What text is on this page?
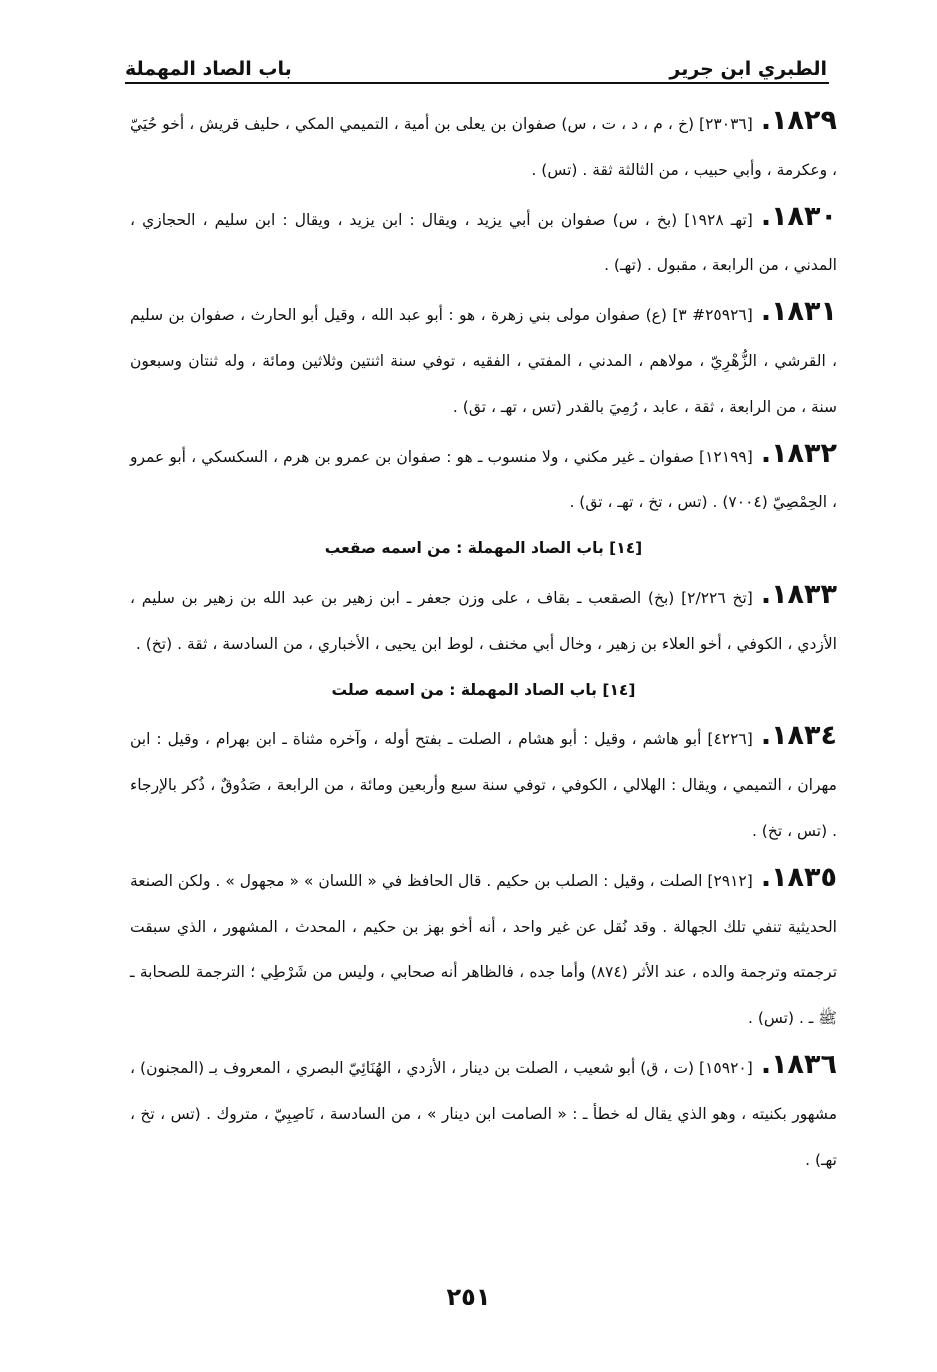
الطبري ابن جرير
باب الصاد المهملة

١٨٢٩.[٢٣٠٣٦] (خ ، م ، د ، ت ، س) صفوان بن يعلى بن أمية ، التميمي المكي ، حليف قريش ، أخو حُيَيّ ، وعكرمة ، وأبي حبيب ، من الثالثة ثقة . (تس) .

١٨٣٠.[تهـ ١٩٢٨] (بخ ، س) صفوان بن أبي يزيد ، ويقال : ابن يزيد ، ويقال : ابن سليم ، الحجازي ، المدني ، من الرابعة ، مقبول . (تهـ) .

١٨٣١.[٢٥٩٢٦# ٣] (ع) صفوان مولى بني زهرة ، هو : أبو عبد الله ، وقيل أبو الحارث ، صفوان بن سليم ، القرشي ، الزُّهْرِيّ ، مولاهم ، المدني ، المفتي ، الفقيه ، توفي سنة اثنتين وثلاثين ومائة ، وله ثنتان وسبعون سنة ، من الرابعة ، ثقة ، عابد ، رُمِيَ بالقدر (تس ، تهـ ، تق) .

١٨٣٢.[١٢١٩٩] صفوان ـ غير مكني ، ولا منسوب ـ هو : صفوان بن عمرو بن هرم ، السكسكي ، أبو عمرو ، الحِمْصِيّ (٧٠٠٤) . (تس ، تخ ، تهـ ، تق) .

[١٤] باب الصاد المهملة : من اسمه صقعب

١٨٣٣.[تخ ٢/٢٢٦] (بخ) الصقعب ـ بقاف ، على وزن جعفر ـ ابن زهير بن عبد الله بن زهير بن سليم ، الأزدي ، الكوفي ، أخو العلاء بن زهير ، وخال أبي مخنف ، لوط ابن يحيى ، الأخباري ، من السادسة ، ثقة . (تخ) .

[١٤] باب الصاد المهملة : من اسمه صلت

١٨٣٤.[٤٢٢٦] أبو هاشم ، وقيل : أبو هشام ، الصلت ـ بفتح أوله ، وآخره مثناة ـ ابن بهرام ، وقيل : ابن مهران ، التميمي ، ويقال : الهلالي ، الكوفي ، توفي سنة سبع وأربعين ومائة ، من الرابعة ، صَدُوقٌ ، ذُكر بالإرجاء . (تس ، تخ) .

١٨٣٥.[٢٩١٢] الصلت ، وقيل : الصلب بن حكيم . قال الحافظ في « اللسان » « مجهول » . ولكن الصنعة الحديثية تنفي تلك الجهالة . وقد نُقل عن غير واحد ، أنه أخو بهز بن حكيم ، المحدث ، المشهور ، الذي سبقت ترجمته وترجمة والده ، عند الأثر (٨٧٤) وأما جده ، فالظاهر أنه صحابي ، وليس من شَرْطِي ؛ الترجمة للصحابة ـ ﷺ ـ . (تس) .

١٨٣٦.[١٥٩٢٠] (ت ، ق) أبو شعيب ، الصلت بن دينار ، الأزدي ، الهُنَائِيّ البصري ، المعروف بـ (المجنون) ، مشهور بكنيته ، وهو الذي يقال له خطأ ـ : « الصامت ابن دينار » ، من السادسة ، نَاصِبِيّ ، متروك . (تس ، تخ ، تهـ) .

٢٥١
